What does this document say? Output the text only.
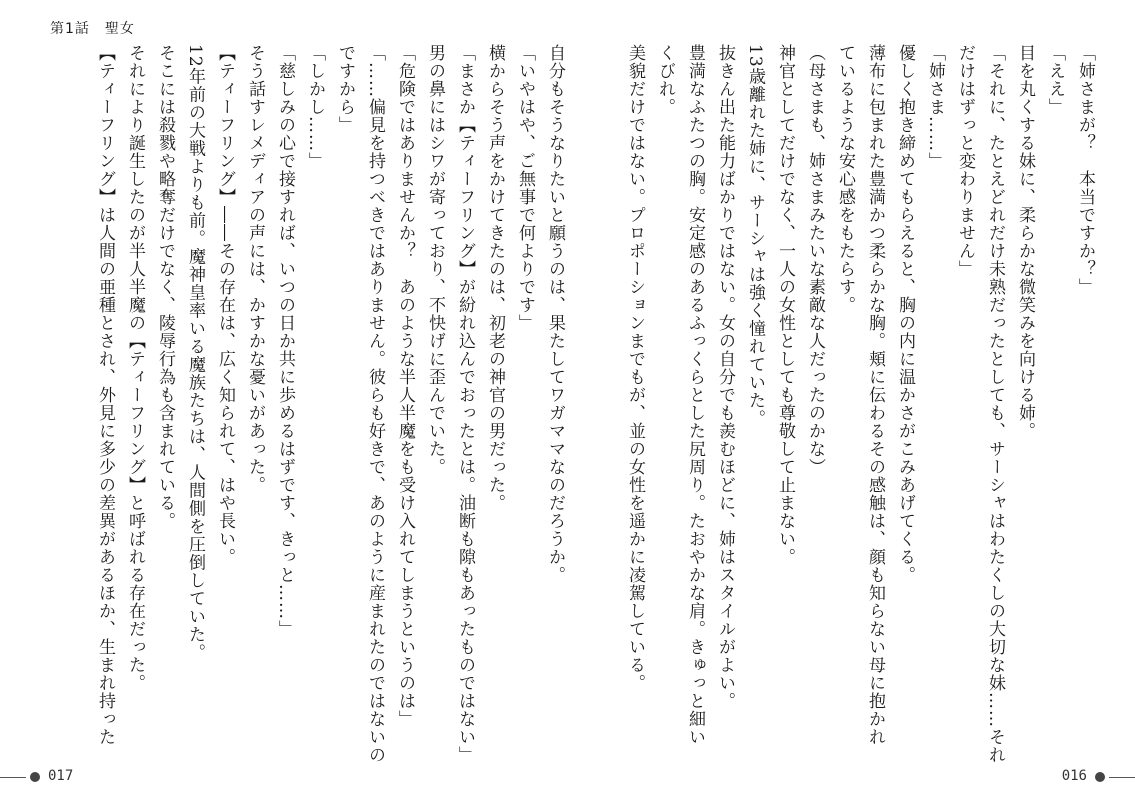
第1話　聖女
「姉さまが？　本当ですか？」
「ええ」
目を丸くする妹に、柔らかな微笑みを向ける姉。
「それに、たとえどれだけ未熟だったとしても、サーシャはわたくしの大切な妹……それ
だけはずっと変わりません」
「姉さま……」
優しく抱き締めてもらえると、胸の内に温かさがこみあげてくる。
薄布に包まれた豊満かつ柔らかな胸。頬に伝わるその感触は、顔も知らない母に抱かれ
ているような安心感をもたらす。
（母さまも、姉さまみたいな素敵な人だったのかな）
神官としてだけでなく、一人の女性としても尊敬して止まない。
13歳離れた姉に、サーシャは強く憧れていた。
抜きん出た能力ばかりではない。女の自分でも羨むほどに、姉はスタイルがよい。
豊満なふたつの胸。安定感のあるふっくらとした尻周り。たおやかな肩。きゅっと細い
くびれ。
美貌だけではない。プロポーションまでもが、並の女性を遥かに凌駕している。
自分もそうなりたいと願うのは、果たしてワガママなのだろうか。
「いやはや、ご無事で何よりです」
横からそう声をかけてきたのは、初老の神官の男だった。
「まさか【ティーフリング】が紛れ込んでおったとは。油断も隙もあったものではない」
男の鼻にはシワが寄っており、不快げに歪んでいた。
「危険ではありませんか？　あのような半人半魔をも受け入れてしまうというのは」
「……偏見を持つべきではありません。彼らも好きで、あのように産まれたのではないの
ですから」
「しかし……」
「慈しみの心で接すれば、いつの日か共に歩めるはずです、きっと……」
そう話すレメディアの声には、かすかな憂いがあった。
【ティーフリング】――その存在は、広く知られて、はや長い。
12年前の大戦よりも前。魔神皇率いる魔族たちは、人間側を圧倒していた。
そこには殺戮や略奪だけでなく、陵辱行為も含まれている。
それにより誕生したのが半人半魔の【ティーフリング】と呼ばれる存在だった。
【ティーフリング】は人間の亜種とされ、外見に多少の差異があるほか、生まれ持った
017	016
